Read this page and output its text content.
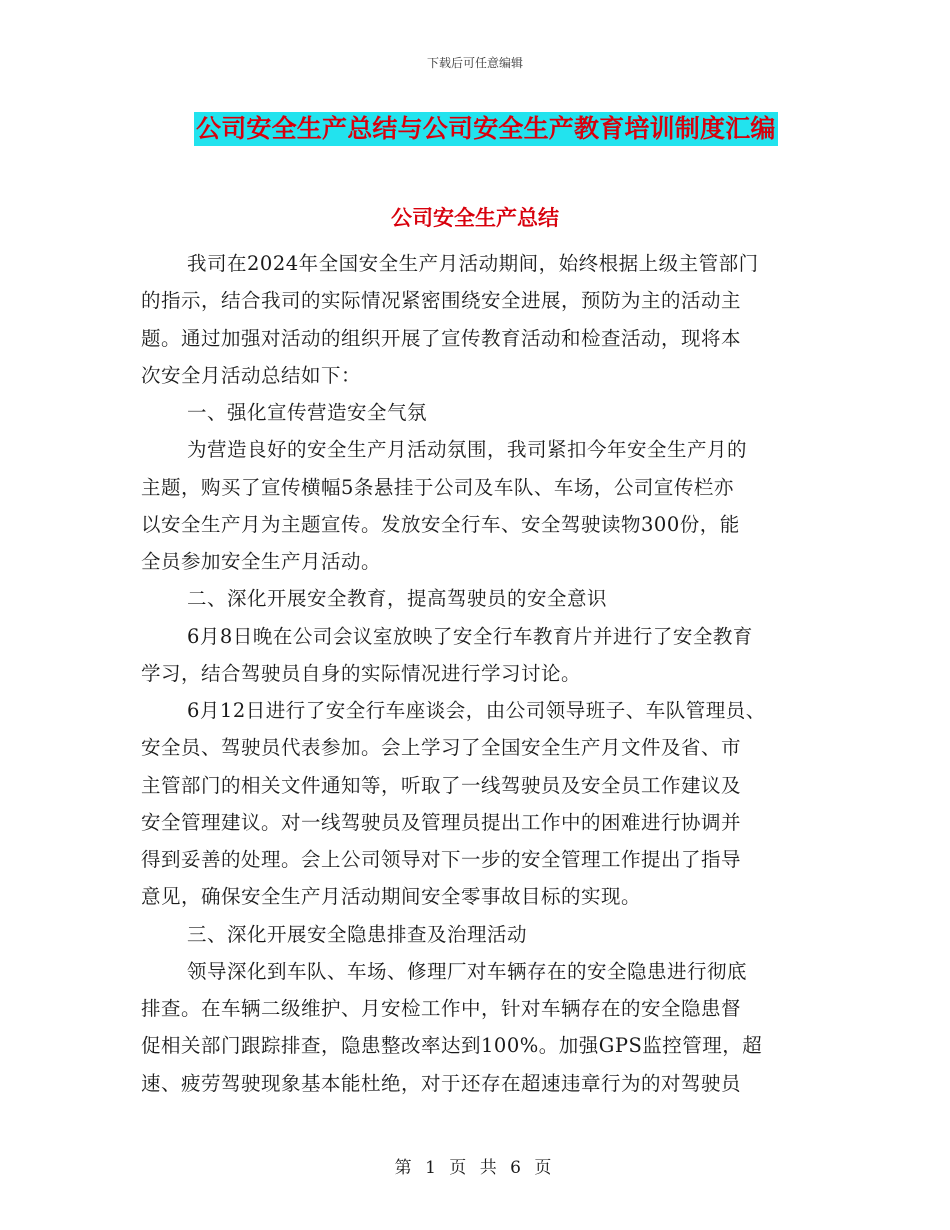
下载后可任意编辑
公司安全生产总结与公司安全生产教育培训制度汇编
公司安全生产总结
我司在2024年全国安全生产月活动期间，始终根据上级主管部门
的指示，结合我司的实际情况紧密围绕安全进展，预防为主的活动主
题。通过加强对活动的组织开展了宣传教育活动和检查活动，现将本
次安全月活动总结如下：
一、强化宣传营造安全气氛
为营造良好的安全生产月活动氛围，我司紧扣今年安全生产月的
主题，购买了宣传横幅5条悬挂于公司及车队、车场，公司宣传栏亦
以安全生产月为主题宣传。发放安全行车、安全驾驶读物300份，能
全员参加安全生产月活动。
二、深化开展安全教育，提高驾驶员的安全意识
6月8日晚在公司会议室放映了安全行车教育片并进行了安全教育
学习，结合驾驶员自身的实际情况进行学习讨论。
6月12日进行了安全行车座谈会，由公司领导班子、车队管理员、
安全员、驾驶员代表参加。会上学习了全国安全生产月文件及省、市
主管部门的相关文件通知等，听取了一线驾驶员及安全员工作建议及
安全管理建议。对一线驾驶员及管理员提出工作中的困难进行协调并
得到妥善的处理。会上公司领导对下一步的安全管理工作提出了指导
意见，确保安全生产月活动期间安全零事故目标的实现。
三、深化开展安全隐患排查及治理活动
领导深化到车队、车场、修理厂对车辆存在的安全隐患进行彻底
排查。在车辆二级维护、月安检工作中，针对车辆存在的安全隐患督
促相关部门跟踪排查，隐患整改率达到100%。加强GPS监控管理，超
速、疲劳驾驶现象基本能杜绝，对于还存在超速违章行为的对驾驶员
第 1 页 共 6 页
